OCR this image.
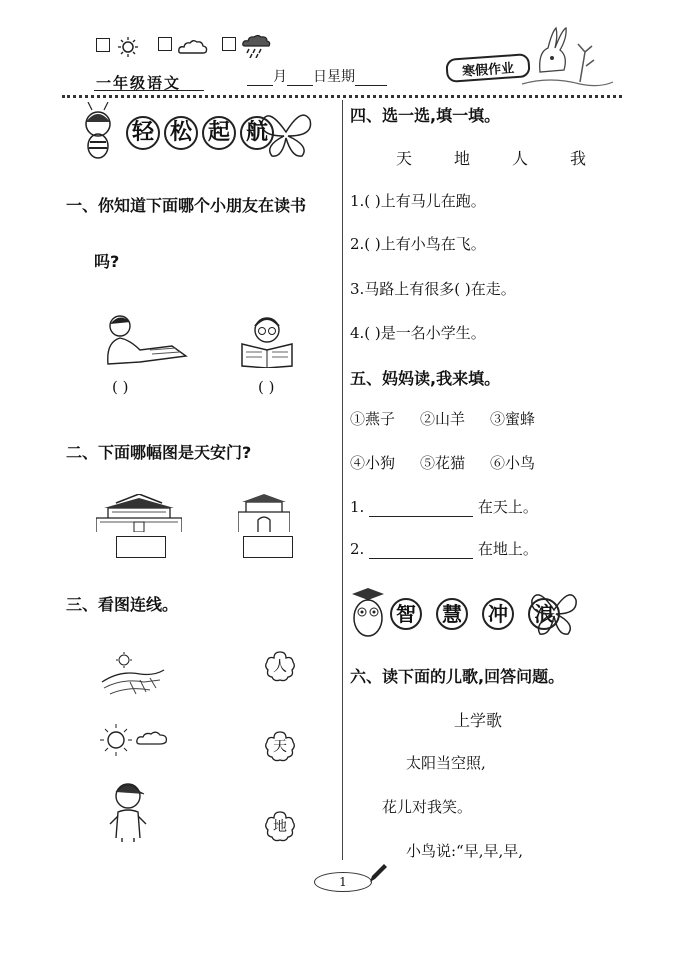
一年级语文	月 日星期	寒假作业
轻 松 起 航
一、你知道下面哪个小朋友在读书
吗?
( )	( )
二、下面哪幅图是天安门?
三、看图连线。
人
天
地
四、选一选,填一填。
天	地	人	我
1.( )上有马儿在跑。
2.( )上有小鸟在飞。
3.马路上有很多( )在走。
4.( )是一名小学生。
五、妈妈读,我来填。
①燕子 ②山羊 ③蜜蜂
④小狗 ⑤花猫 ⑥小鸟
1.	在天上。
2.	在地上。
智 慧 冲 浪
六、读下面的儿歌,回答问题。
上学歌
太阳当空照,
花儿对我笑。
小鸟说:“早,早,早,
1
